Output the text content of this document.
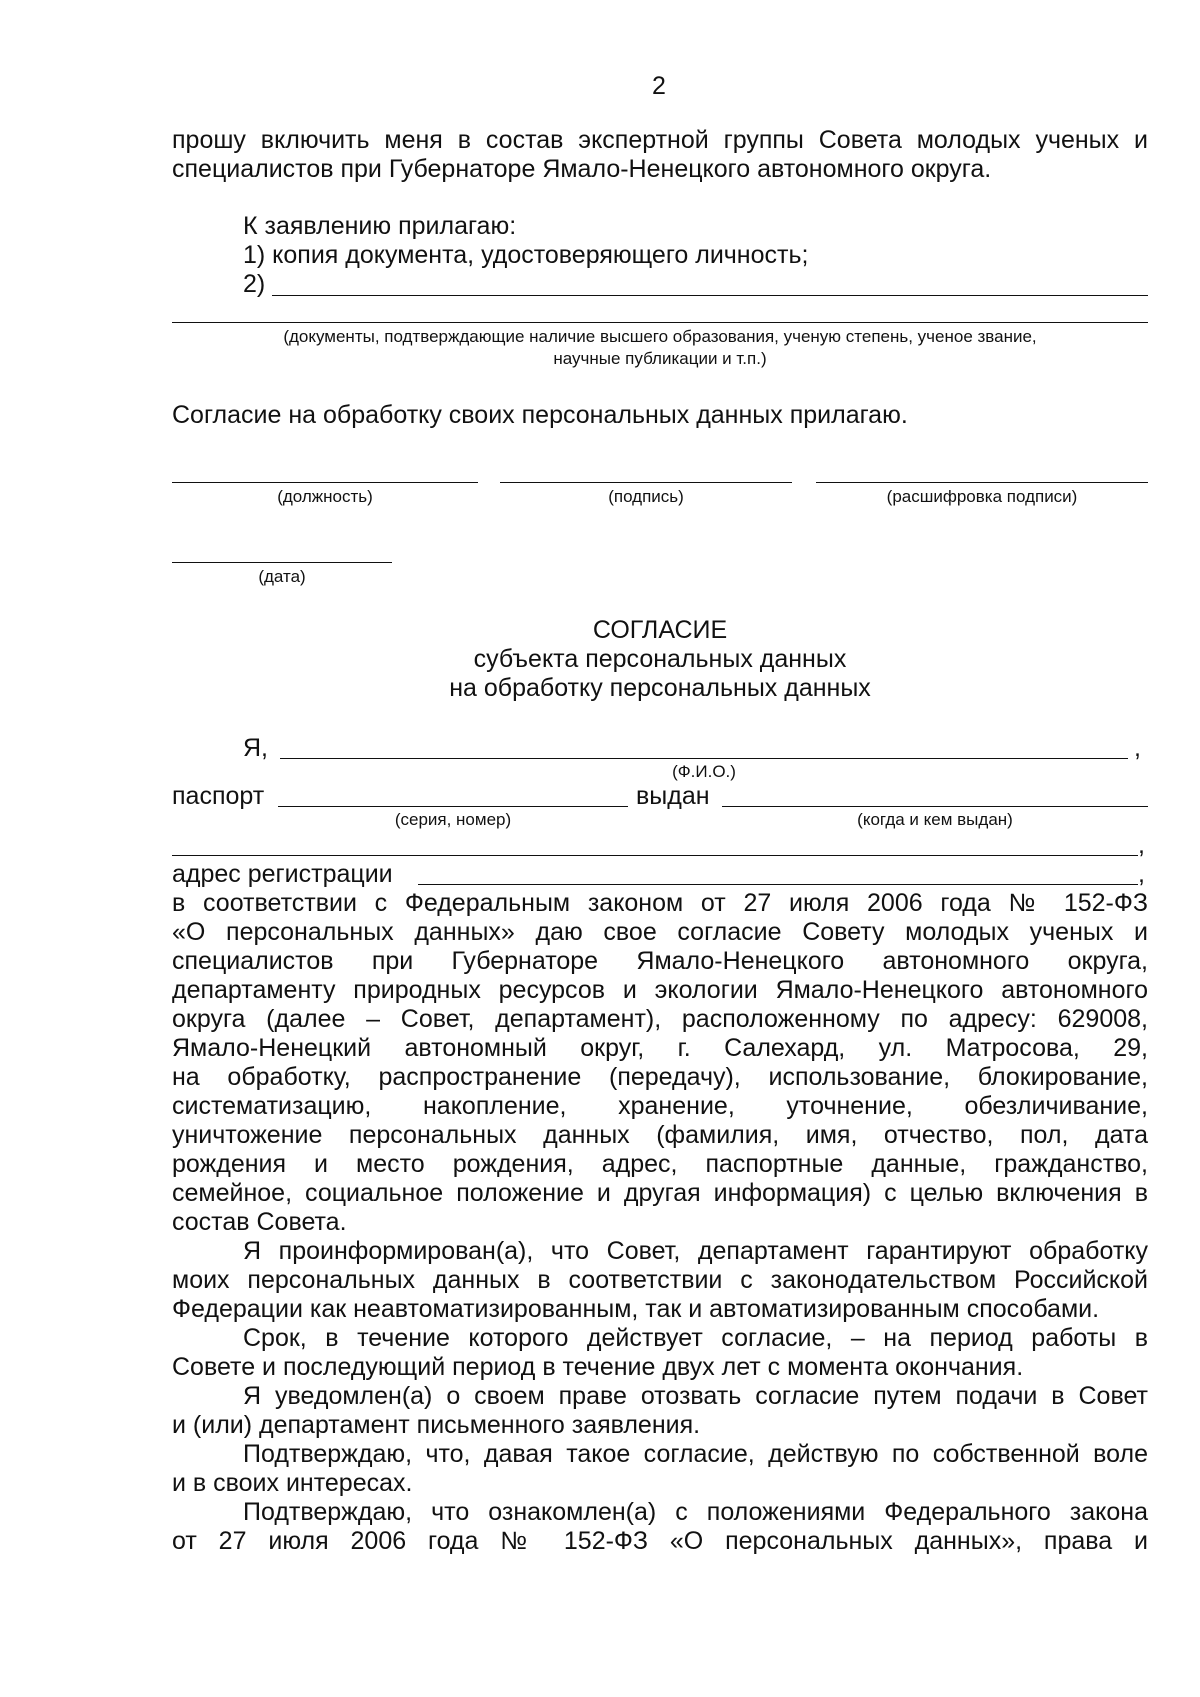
2
прошу включить меня в состав экспертной группы Совета молодых ученых и
специалистов при Губернаторе Ямало-Ненецкого автономного округа.
К заявлению прилагаю:
1) копия документа, удостоверяющего личность;
2)
(документы, подтверждающие наличие высшего образования, ученую степень, ученое звание,
научные публикации и т.п.)
Согласие на обработку своих персональных данных прилагаю.
(должность)	(подпись)	(расшифровка подписи)
(дата)
СОГЛАСИЕ
субъекта персональных данных
на обработку персональных данных
Я,	,
(Ф.И.О.)
паспорт	выдан
(серия, номер)	(когда и кем выдан)
,
адрес регистрации	,
в соответствии с Федеральным законом от 27 июля 2006 года № 152-ФЗ
«О персональных данных» даю свое согласие Совету молодых ученых и
специалистов при Губернаторе Ямало-Ненецкого автономного округа,
департаменту природных ресурсов и экологии Ямало-Ненецкого автономного
округа (далее – Совет, департамент), расположенному по адресу: 629008,
Ямало-Ненецкий автономный округ, г. Салехард, ул. Матросова, 29,
на обработку, распространение (передачу), использование, блокирование,
систематизацию, накопление, хранение, уточнение, обезличивание,
уничтожение персональных данных (фамилия, имя, отчество, пол, дата
рождения и место рождения, адрес, паспортные данные, гражданство,
семейное, социальное положение и другая информация) с целью включения в
состав Совета.
Я проинформирован(а), что Совет, департамент гарантируют обработку
моих персональных данных в соответствии с законодательством Российской
Федерации как неавтоматизированным, так и автоматизированным способами.
Срок, в течение которого действует согласие, – на период работы в
Совете и последующий период в течение двух лет с момента окончания.
Я уведомлен(а) о своем праве отозвать согласие путем подачи в Совет
и (или) департамент письменного заявления.
Подтверждаю, что, давая такое согласие, действую по собственной воле
и в своих интересах.
Подтверждаю, что ознакомлен(а) с положениями Федерального закона
от 27 июля 2006 года № 152-ФЗ «О персональных данных», права и
